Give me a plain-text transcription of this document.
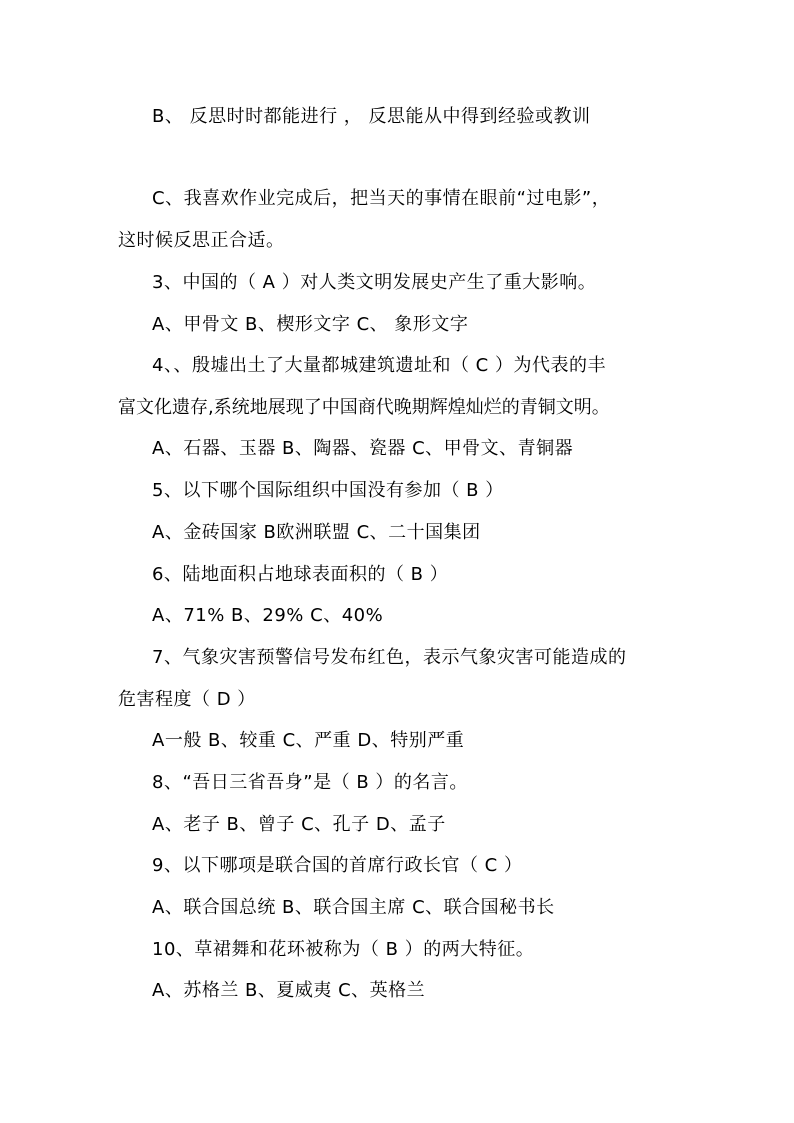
B、 反思时时都能进行 ， 反思能从中得到经验或教训
C、我喜欢作业完成后，把当天的事情在眼前“过电影”，
这时候反思正合适。
3、中国的（ A ）对人类文明发展史产生了重大影响。
A、甲骨文 B、楔形文字 C、 象形文字
4、、殷墟出土了大量都城建筑遗址和（ C ）为代表的丰
富文化遗存,系统地展现了中国商代晚期辉煌灿烂的青铜文明。
A、石器、玉器 B、陶器、瓷器 C、甲骨文、青铜器
5、以下哪个国际组织中国没有参加（ B ）
A、金砖国家 B欧洲联盟 C、二十国集团
6、陆地面积占地球表面积的（ B ）
A、71% B、29% C、40%
7、气象灾害预警信号发布红色，表示气象灾害可能造成的
危害程度（ D ）
A一般 B、较重 C、严重 D、特别严重
8、“吾日三省吾身”是（ B ）的名言。
A、老子 B、曾子 C、孔子 D、孟子
9、以下哪项是联合国的首席行政长官（ C ）
A、联合国总统 B、联合国主席 C、联合国秘书长
10、草裙舞和花环被称为（ B ）的两大特征。
A、苏格兰 B、夏威夷 C、英格兰
